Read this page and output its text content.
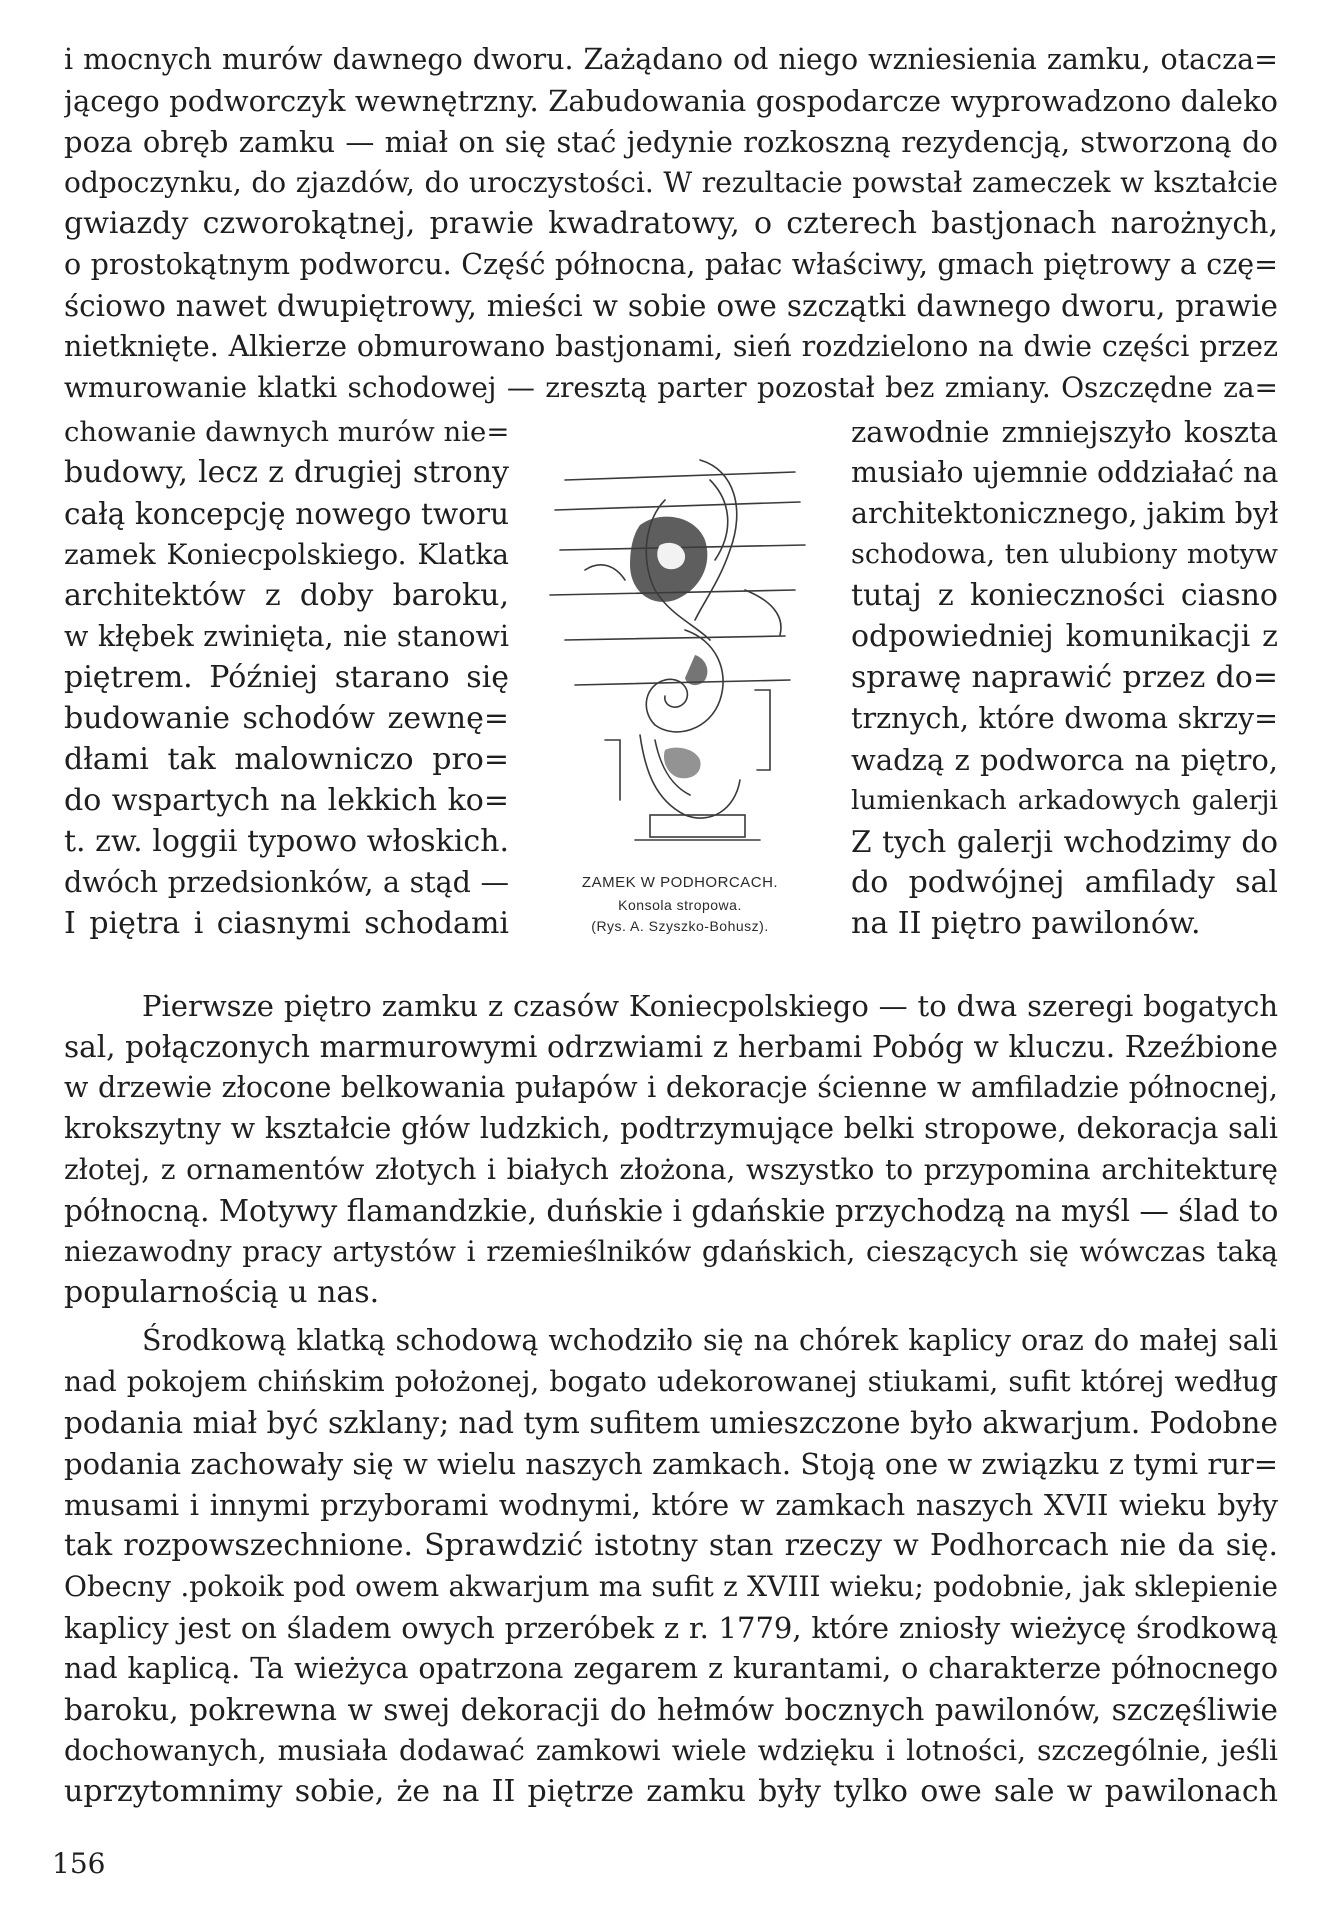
i mocnych murów dawnego dworu. Zażądano od niego wzniesienia zamku, otacza=
jącego podworczyk wewnętrzny. Zabudowania gospodarcze wyprowadzono daleko
poza obręb zamku — miał on się stać jedynie rozkoszną rezydencją, stworzoną do
odpoczynku, do zjazdów, do uroczystości. W rezultacie powstał zameczek w kształcie
gwiazdy czworokątnej, prawie kwadratowy, o czterech bastjonach narożnych,
o prostokątnym podworcu. Część północna, pałac właściwy, gmach piętrowy a czę=
ściowo nawet dwupiętrowy, mieści w sobie owe szczątki dawnego dworu, prawie
nietknięte. Alkierze obmurowano bastjonami, sień rozdzielono na dwie części przez
wmurowanie klatki schodowej — zresztą parter pozostał bez zmiany. Oszczędne za=
chowanie dawnych murów nie=
budowy, lecz z drugiej strony
całą koncepcję nowego tworu
zamek Koniecpolskiego. Klatka
architektów z doby baroku,
w kłębek zwinięta, nie stanowi
piętrem. Później starano się
budowanie schodów zewnę=
dłami tak malowniczo pro=
do wspartych na lekkich ko=
t. zw. loggii typowo włoskich.
dwóch przedsionków, a stąd —
I piętra i ciasnymi schodami
zawodnie zmniejszyło koszta
musiało ujemnie oddziałać na
architektonicznego, jakim był
schodowa, ten ulubiony motyw
tutaj z konieczności ciasno
odpowiedniej komunikacji z
sprawę naprawić przez do=
trznych, które dwoma skrzy=
wadzą z podworca na piętro,
lumienkach arkadowych galerji
Z tych galerji wchodzimy do
do podwójnej amfilady sal
na II piętro pawilonów.
ZAMEK W PODHORCACH.
Konsola stropowa.
(Rys. A. Szyszko-Bohusz).
Pierwsze piętro zamku z czasów Koniecpolskiego — to dwa szeregi bogatych
sal, połączonych marmurowymi odrzwiami z herbami Pobóg w kluczu. Rzeźbione
w drzewie złocone belkowania pułapów i dekoracje ścienne w amfiladzie północnej,
krokszytny w kształcie głów ludzkich, podtrzymujące belki stropowe, dekoracja sali
złotej, z ornamentów złotych i białych złożona, wszystko to przypomina architekturę
północną. Motywy flamandzkie, duńskie i gdańskie przychodzą na myśl — ślad to
niezawodny pracy artystów i rzemieślników gdańskich, cieszących się wówczas taką
popularnością u nas.
Środkową klatką schodową wchodziło się na chórek kaplicy oraz do małej sali
nad pokojem chińskim położonej, bogato udekorowanej stiukami, sufit której według
podania miał być szklany; nad tym sufitem umieszczone było akwarjum. Podobne
podania zachowały się w wielu naszych zamkach. Stoją one w związku z tymi rur=
musami i innymi przyborami wodnymi, które w zamkach naszych XVII wieku były
tak rozpowszechnione. Sprawdzić istotny stan rzeczy w Podhorcach nie da się.
Obecny .pokoik pod owem akwarjum ma sufit z XVIII wieku; podobnie, jak sklepienie
kaplicy jest on śladem owych przeróbek z r. 1779, które zniosły wieżycę środkową
nad kaplicą. Ta wieżyca opatrzona zegarem z kurantami, o charakterze północnego
baroku, pokrewna w swej dekoracji do hełmów bocznych pawilonów, szczęśliwie
dochowanych, musiała dodawać zamkowi wiele wdzięku i lotności, szczególnie, jeśli
uprzytomnimy sobie, że na II piętrze zamku były tylko owe sale w pawilonach
156
